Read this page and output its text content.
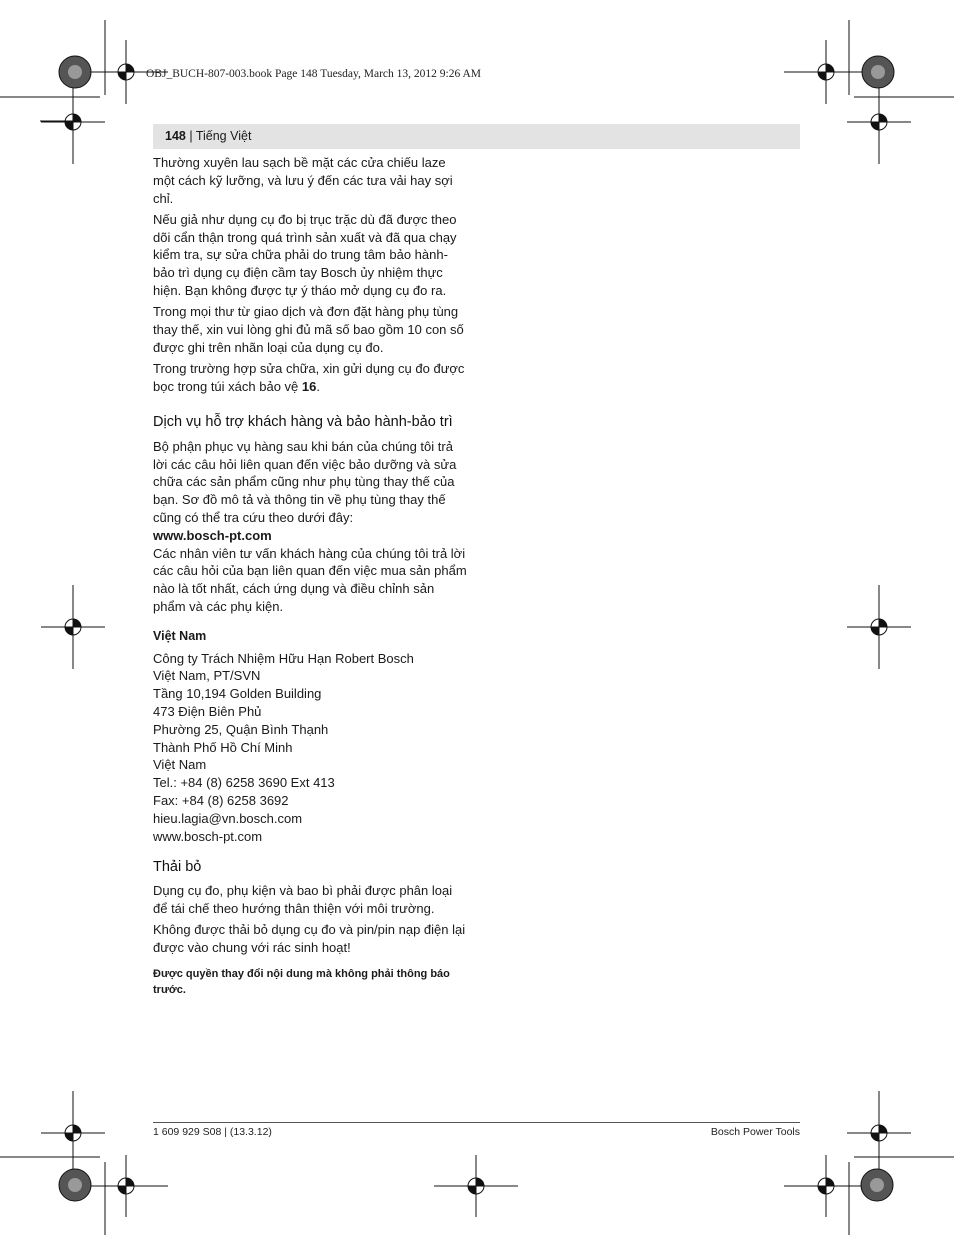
OBJ_BUCH-807-003.book Page 148 Tuesday, March 13, 2012 9:26 AM
148 | Tiếng Việt

Thường xuyên lau sạch bề mặt các cửa chiếu laze một cách kỹ lưỡng, và lưu ý đến các tưa vải hay sợi chỉ.

Nếu giả như dụng cụ đo bị trục trặc dù đã được theo dõi cẩn thận trong quá trình sản xuất và đã qua chạy kiểm tra, sự sửa chữa phải do trung tâm bảo hành-bảo trì dụng cụ điện cầm tay Bosch ủy nhiệm thực hiện. Bạn không được tự ý tháo mở dụng cụ đo ra.

Trong mọi thư từ giao dịch và đơn đặt hàng phụ tùng thay thế, xin vui lòng ghi đủ mã số bao gồm 10 con số được ghi trên nhãn loại của dụng cụ đo.

Trong trường hợp sửa chữa, xin gửi dụng cụ đo được bọc trong túi xách bảo vệ 16.

Dịch vụ hỗ trợ khách hàng và bảo hành-bảo trì

Bộ phận phục vụ hàng sau khi bán của chúng tôi trả lời các câu hỏi liên quan đến việc bảo dưỡng và sửa chữa các sản phẩm cũng như phụ tùng thay thế của bạn. Sơ đồ mô tả và thông tin về phụ tùng thay thế cũng có thể tra cứu theo dưới đây:
www.bosch-pt.com
Các nhân viên tư vấn khách hàng của chúng tôi trả lời các câu hỏi của bạn liên quan đến việc mua sản phẩm nào là tốt nhất, cách ứng dụng và điều chỉnh sản phẩm và các phụ kiện.

Việt Nam
Công ty Trách Nhiệm Hữu Hạn Robert Bosch
Việt Nam, PT/SVN
Tầng 10,194 Golden Building
473 Điện Biên Phủ
Phường 25, Quận Bình Thạnh
Thành Phố Hồ Chí Minh
Việt Nam
Tel.: +84 (8) 6258 3690 Ext 413
Fax: +84 (8) 6258 3692
hieu.lagia@vn.bosch.com
www.bosch-pt.com
Thải bỏ

Dụng cụ đo, phụ kiện và bao bì phải được phân loại để tái chế theo hướng thân thiện với môi trường.

Không được thải bỏ dụng cụ đo và pin/pin nạp điện lại được vào chung với rác sinh hoạt!

Được quyền thay đổi nội dung mà không phải thông báo trước.
1 609 929 S08 | (13.3.12)	Bosch Power Tools
